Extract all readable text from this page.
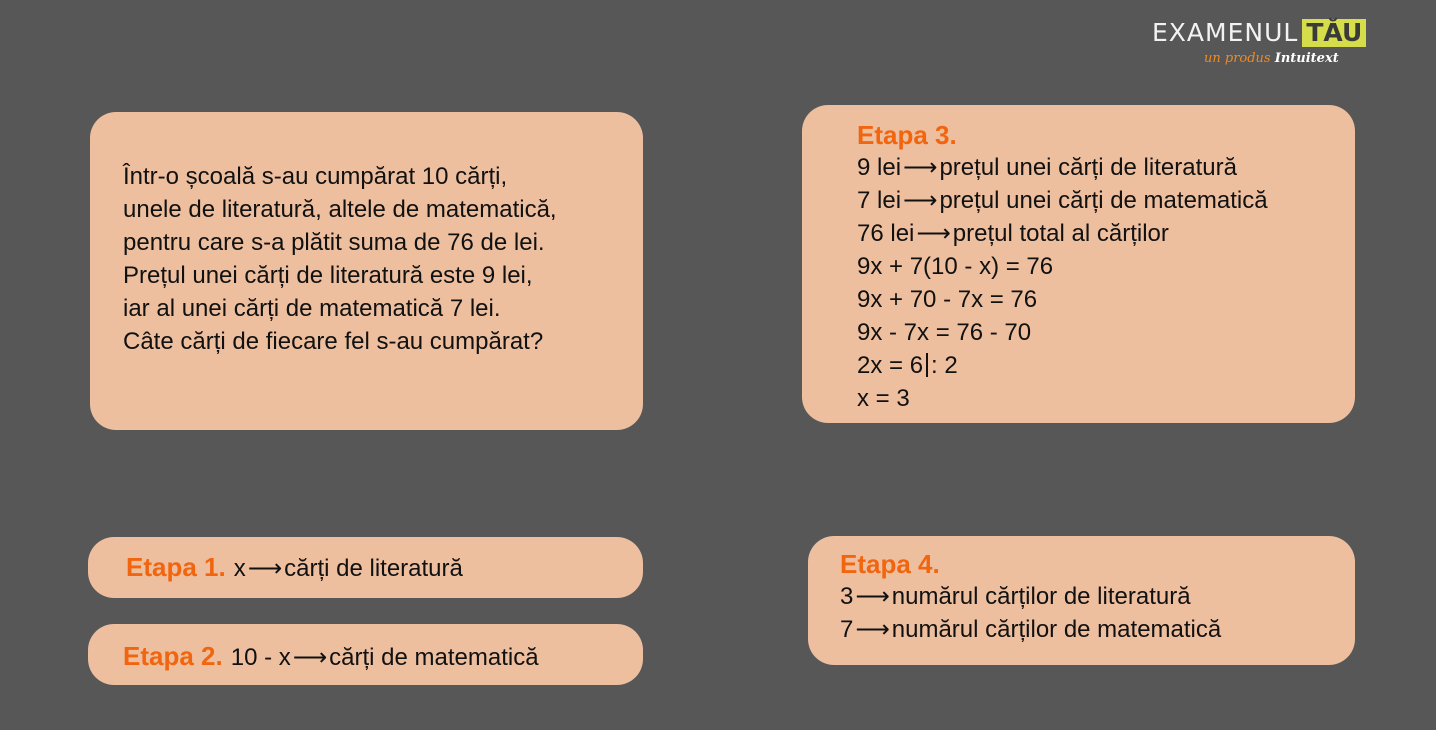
EXAMENUL TĂU
un produs Intuitext
Într-o școală s-au cumpărat 10 cărți,
unele de literatură, altele de matematică,
pentru care s-a plătit suma de 76 de lei.
Prețul unei cărți de literatură este 9 lei,
iar al unei cărți de matematică 7 lei.
Câte cărți de fiecare fel s-au cumpărat?
Etapa 3.
9 lei⟶prețul unei cărți de literatură
7 lei⟶prețul unei cărți de matematică
76 lei⟶prețul total al cărților
9x + 7(10 - x) = 76
9x + 70 - 7x = 76
9x - 7x = 76 - 70
2x = 6 : 2
x = 3
Etapa 1. x⟶cărți de literatură
Etapa 2. 10 - x⟶cărți de matematică
Etapa 4.
3⟶numărul cărților de literatură
7⟶numărul cărților de matematică
